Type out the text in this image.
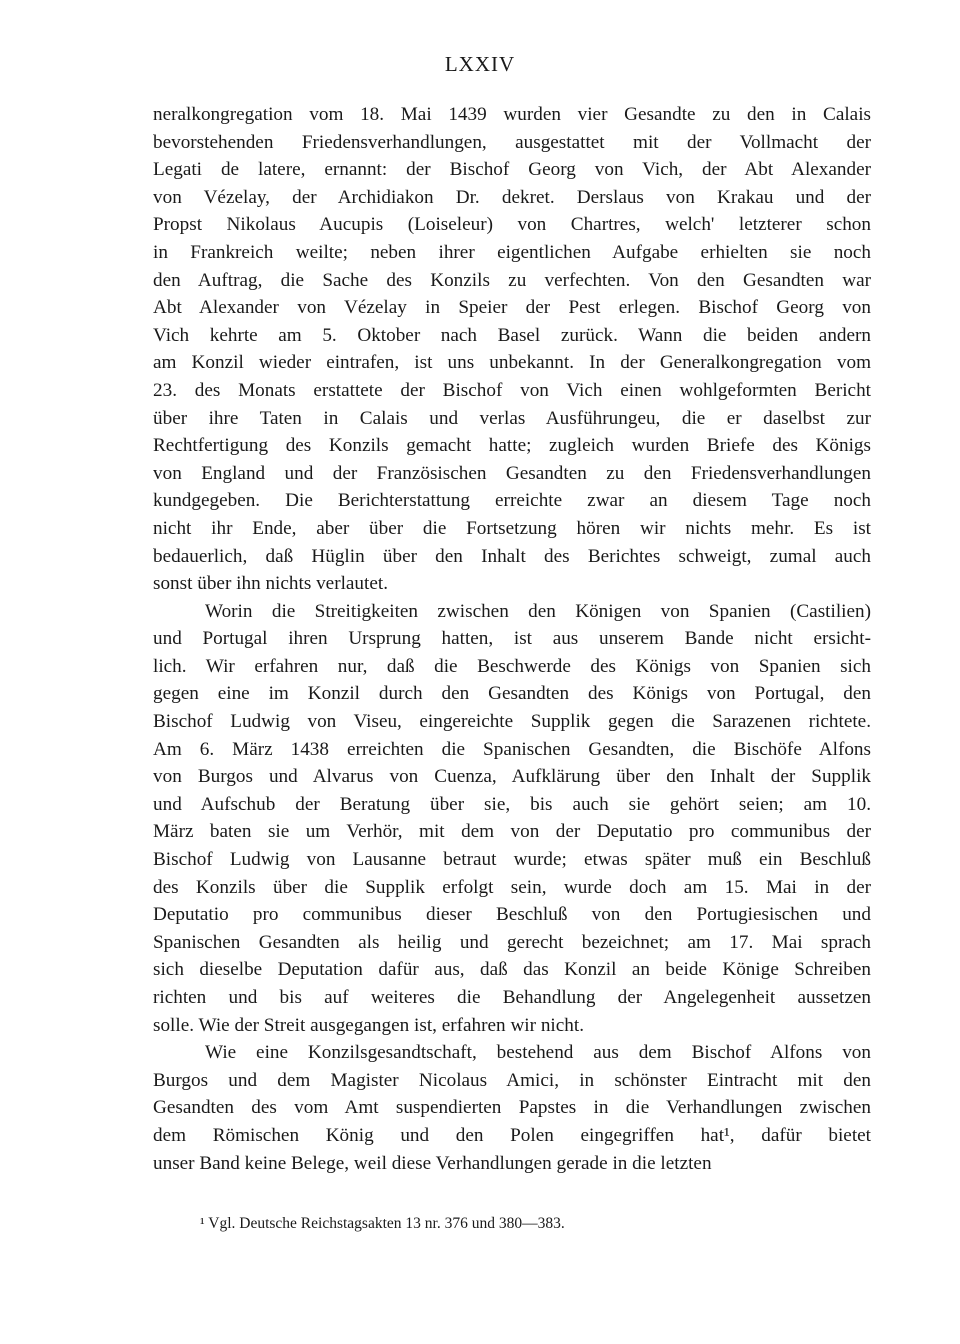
LXXIV
neralkongregation vom 18. Mai 1439 wurden vier Gesandte zu den in Calais
bevorstehenden Friedensverhandlungen, ausgestattet mit der Vollmacht der
Legati de latere, ernannt: der Bischof Georg von Vich, der Abt Alexander
von Vézelay, der Archidiakon Dr. dekret. Derslaus von Krakau und der
Propst Nikolaus Aucupis (Loiseleur) von Chartres, welch' letzterer schon
in Frankreich weilte; neben ihrer eigentlichen Aufgabe erhielten sie noch
den Auftrag, die Sache des Konzils zu verfechten. Von den Gesandten war
Abt Alexander von Vézelay in Speier der Pest erlegen. Bischof Georg von
Vich kehrte am 5. Oktober nach Basel zurück. Wann die beiden andern
am Konzil wieder eintrafen, ist uns unbekannt. In der Generalkongregation vom
23. des Monats erstattete der Bischof von Vich einen wohlgeformten Bericht
über ihre Taten in Calais und verlas Ausführungeu, die er daselbst zur
Rechtfertigung des Konzils gemacht hatte; zugleich wurden Briefe des Königs
von England und der Französischen Gesandten zu den Friedensverhandlungen
kundgegeben. Die Berichterstattung erreichte zwar an diesem Tage noch
nicht ihr Ende, aber über die Fortsetzung hören wir nichts mehr. Es ist
bedauerlich, daß Hüglin über den Inhalt des Berichtes schweigt, zumal auch
sonst über ihn nichts verlautet.
Worin die Streitigkeiten zwischen den Königen von Spanien (Castilien)
und Portugal ihren Ursprung hatten, ist aus unserem Bande nicht ersicht-
lich. Wir erfahren nur, daß die Beschwerde des Königs von Spanien sich
gegen eine im Konzil durch den Gesandten des Königs von Portugal, den
Bischof Ludwig von Viseu, eingereichte Supplik gegen die Sarazenen richtete.
Am 6. März 1438 erreichten die Spanischen Gesandten, die Bischöfe Alfons
von Burgos und Alvarus von Cuenza, Aufklärung über den Inhalt der Supplik
und Aufschub der Beratung über sie, bis auch sie gehört seien; am 10.
März baten sie um Verhör, mit dem von der Deputatio pro communibus der
Bischof Ludwig von Lausanne betraut wurde; etwas später muß ein Beschluß
des Konzils über die Supplik erfolgt sein, wurde doch am 15. Mai in der
Deputatio pro communibus dieser Beschluß von den Portugiesischen und
Spanischen Gesandten als heilig und gerecht bezeichnet; am 17. Mai sprach
sich dieselbe Deputation dafür aus, daß das Konzil an beide Könige Schreiben
richten und bis auf weiteres die Behandlung der Angelegenheit aussetzen
solle. Wie der Streit ausgegangen ist, erfahren wir nicht.
Wie eine Konzilsgesandtschaft, bestehend aus dem Bischof Alfons von
Burgos und dem Magister Nicolaus Amici, in schönster Eintracht mit den
Gesandten des vom Amt suspendierten Papstes in die Verhandlungen zwischen
dem Römischen König und den Polen eingegriffen hat¹, dafür bietet
unser Band keine Belege, weil diese Verhandlungen gerade in die letzten
¹ Vgl. Deutsche Reichstagsakten 13 nr. 376 und 380—383.
